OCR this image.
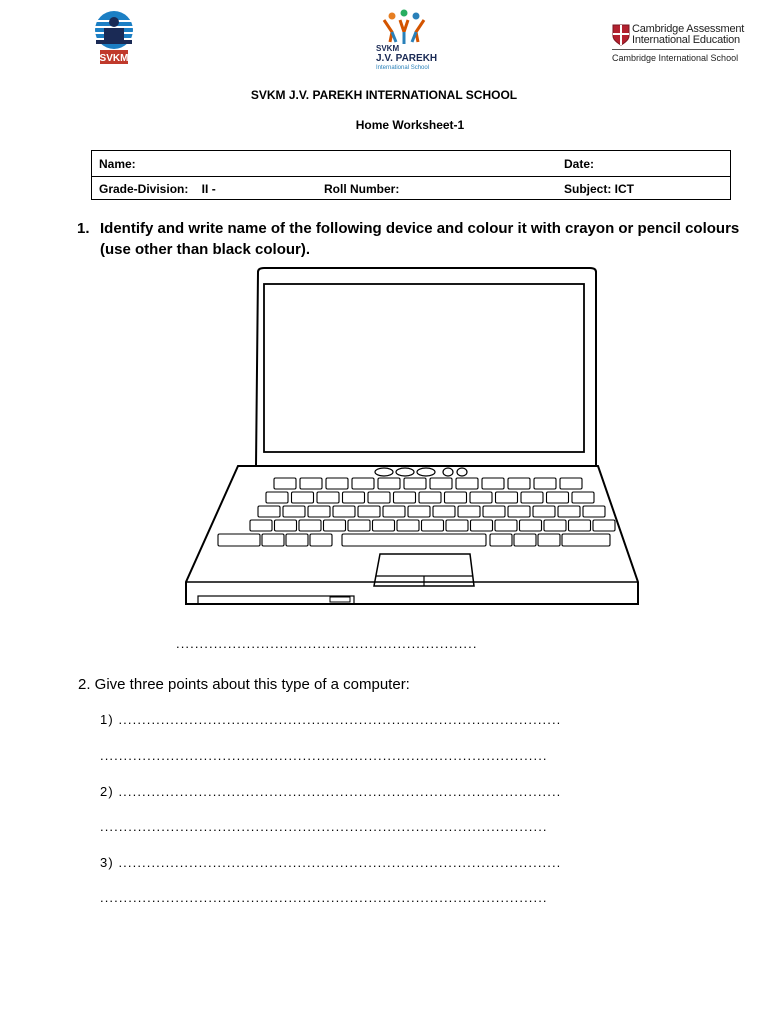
SVKM
SVKM
J.V. PAREKH
International School
Cambridge Assessment
International Education
Cambridge International School
SVKM J.V. PAREKH INTERNATIONAL SCHOOL
Home Worksheet-1
Name:	Date:
Grade-Division:    II -	Roll Number:	Subject: ICT
1. Identify and write name of the following device and colour it with crayon or pencil colours (use other than black colour).
................................................................
2. Give three points about this type of a computer:
1) ..............................................................................................
...............................................................................................
2) ..............................................................................................
...............................................................................................
3) ..............................................................................................
...............................................................................................
